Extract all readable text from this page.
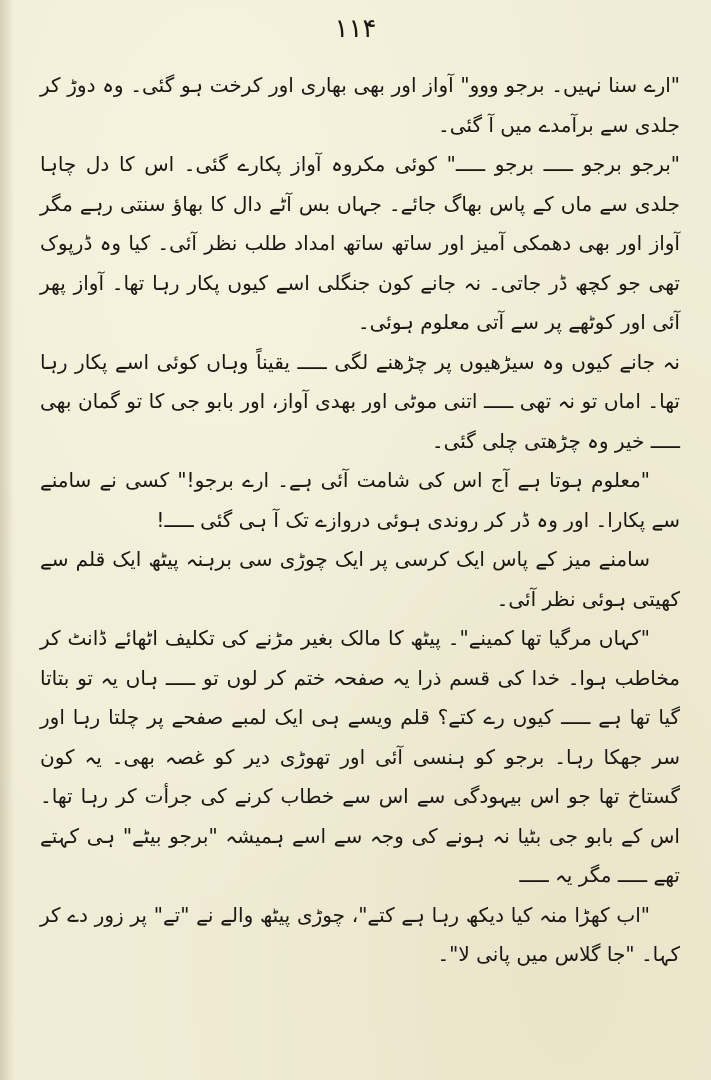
۱۱۴

"ارے سنا نہیں۔ برجو ووو" آواز اور بھی بھاری اور کرخت ہو گئی۔ وہ دوڑ کر جلدی سے برآمدے میں آ گئی۔

"برجو برجو ـــــ برجو ـــــ" کوئی مکروہ آواز پکارے گئی۔ اس کا دل چاہا جلدی سے ماں کے پاس بھاگ جائے۔ جہاں بس آٹے دال کا بھاؤ سنتی رہے مگر آواز اور بھی دھمکی آمیز اور ساتھ ساتھ امداد طلب نظر آئی۔ کیا وہ ڈرپوک تھی جو کچھ ڈر جاتی۔ نہ جانے کون جنگلی اسے کیوں پکار رہا تھا۔ آواز پھر آئی اور کوٹھے پر سے آتی معلوم ہوئی۔

نہ جانے کیوں وہ سیڑھیوں پر چڑھنے لگی ـــــ یقیناً وہاں کوئی اسے پکار رہا تھا۔ اماں تو نہ تھی ـــــ اتنی موٹی اور بھدی آواز، اور بابو جی کا تو گمان بھی ـــــ خیر وہ چڑھتی چلی گئی۔

"معلوم ہوتا ہے آج اس کی شامت آئی ہے۔ ارے برجو!" کسی نے سامنے سے پکارا۔ اور وہ ڈر کر روندی ہوئی دروازے تک آ ہی گئی ـــــ!

سامنے میز کے پاس ایک کرسی پر ایک چوڑی سی برہنہ پیٹھ ایک قلم سے کھیتی ہوئی نظر آئی۔

"کہاں مرگیا تھا کمینے"۔ پیٹھ کا مالک بغیر مڑنے کی تکلیف اٹھائے ڈانٹ کر مخاطب ہوا۔ خدا کی قسم ذرا یہ صفحہ ختم کر لوں تو ـــــ ہاں یہ تو بتاتا گیا تھا ہے ـــــ کیوں رے کتے؟ قلم ویسے ہی ایک لمبے صفحے پر چلتا رہا اور سر جھکا رہا۔ برجو کو ہنسی آئی اور تھوڑی دیر کو غصہ بھی۔ یہ کون گستاخ تھا جو اس بیہودگی سے اس سے خطاب کرنے کی جرأت کر رہا تھا۔ اس کے بابو جی بٹیا نہ ہونے کی وجہ سے اسے ہمیشہ "برجو بیٹے" ہی کہتے تھے ـــــ مگر یہ ـــــ

"اب کھڑا منہ کیا دیکھ رہا ہے کتے"، چوڑی پیٹھ والے نے "تے" پر زور دے کر کہا۔ "جا گلاس میں پانی لا"۔
